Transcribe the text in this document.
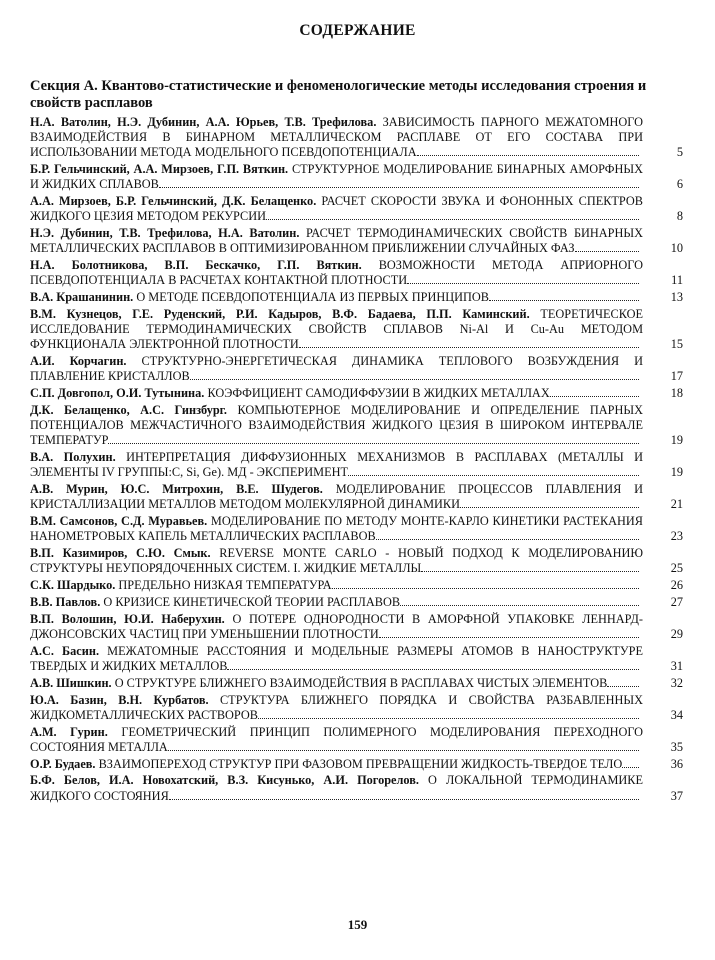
СОДЕРЖАНИЕ
Секция А. Квантово-статистические и феноменологические методы исследования строения и свойств расплавов
Н.А. Ватолин, Н.Э. Дубинин, А.А. Юрьев, Т.В. Трефилова. ЗАВИСИМОСТЬ ПАРНОГО МЕЖАТОМНОГО ВЗАИМОДЕЙСТВИЯ В БИНАРНОМ МЕТАЛЛИЧЕСКОМ РАСПЛАВЕ ОТ ЕГО СОСТАВА ПРИ ИСПОЛЬЗОВАНИИ МЕТОДА МОДЕЛЬНОГО ПСЕВДОПОТЕНЦИАЛА	5
Б.Р. Гельчинский, А.А. Мирзоев, Г.П. Вяткин. СТРУКТУРНОЕ МОДЕЛИРОВАНИЕ БИНАРНЫХ АМОРФНЫХ И ЖИДКИХ СПЛАВОВ	6
А.А. Мирзоев, Б.Р. Гельчинский, Д.К. Белащенко. РАСЧЕТ СКОРОСТИ ЗВУКА И ФОНОННЫХ СПЕКТРОВ ЖИДКОГО ЦЕЗИЯ МЕТОДОМ РЕКУРСИИ	8
Н.Э. Дубинин, Т.В. Трефилова, Н.А. Ватолин. РАСЧЕТ ТЕРМОДИНАМИЧЕСКИХ СВОЙСТВ БИНАРНЫХ МЕТАЛЛИЧЕСКИХ РАСПЛАВОВ В ОПТИМИЗИРОВАННОМ ПРИБЛИЖЕНИИ СЛУЧАЙНЫХ ФАЗ	10
Н.А. Болотникова, В.П. Бескачко, Г.П. Вяткин. ВОЗМОЖНОСТИ МЕТОДА АПРИОРНОГО ПСЕВДОПОТЕНЦИАЛА В РАСЧЕТАХ КОНТАКТНОЙ ПЛОТНОСТИ	11
В.А. Крашанинин. О МЕТОДЕ ПСЕВДОПОТЕНЦИАЛА ИЗ ПЕРВЫХ ПРИНЦИПОВ	13
В.М. Кузнецов, Г.Е. Руденский, Р.И. Кадыров, В.Ф. Бадаева, П.П. Каминский. ТЕОРЕТИЧЕСКОЕ ИССЛЕДОВАНИЕ ТЕРМОДИНАМИЧЕСКИХ СВОЙСТВ СПЛАВОВ Ni-Al И Cu-Au МЕТОДОМ ФУНКЦИОНАЛА ЭЛЕКТРОННОЙ ПЛОТНОСТИ	15
А.И. Корчагин. СТРУКТУРНО-ЭНЕРГЕТИЧЕСКАЯ ДИНАМИКА ТЕПЛОВОГО ВОЗБУЖДЕНИЯ И ПЛАВЛЕНИЕ КРИСТАЛЛОВ	17
С.П. Довгопол, О.И. Тутынина. КОЭФФИЦИЕНТ САМОДИФФУЗИИ В ЖИДКИХ МЕТАЛЛАХ	18
Д.К. Белащенко, А.С. Гинзбург. КОМПЬЮТЕРНОЕ МОДЕЛИРОВАНИЕ И ОПРЕДЕЛЕНИЕ ПАРНЫХ ПОТЕНЦИАЛОВ МЕЖЧАСТИЧНОГО ВЗАИМОДЕЙСТВИЯ ЖИДКОГО ЦЕЗИЯ В ШИРОКОМ ИНТЕРВАЛЕ ТЕМПЕРАТУР	19
В.А. Полухин. ИНТЕРПРЕТАЦИЯ ДИФФУЗИОННЫХ МЕХАНИЗМОВ В РАСПЛАВАХ (МЕТАЛЛЫ И ЭЛЕМЕНТЫ IV ГРУППЫ:C, Si, Ge). МД - ЭКСПЕРИМЕНТ	19
А.В. Мурин, Ю.С. Митрохин, В.Е. Шудегов. МОДЕЛИРОВАНИЕ ПРОЦЕССОВ ПЛАВЛЕНИЯ И КРИСТАЛЛИЗАЦИИ МЕТАЛЛОВ МЕТОДОМ МОЛЕКУЛЯРНОЙ ДИНАМИКИ	21
В.М. Самсонов, С.Д. Муравьев. МОДЕЛИРОВАНИЕ ПО МЕТОДУ МОНТЕ-КАРЛО КИНЕТИКИ РАСТЕКАНИЯ НАНОМЕТРОВЫХ КАПЕЛЬ МЕТАЛЛИЧЕСКИХ РАСПЛАВОВ	23
В.П. Казимиров, С.Ю. Смык. REVERSE MONTE CARLO - НОВЫЙ ПОДХОД К МОДЕЛИРОВАНИЮ СТРУКТУРЫ НЕУПОРЯДОЧЕННЫХ СИСТЕМ. I. ЖИДКИЕ МЕТАЛЛЫ	25
С.К. Шардыко. ПРЕДЕЛЬНО НИЗКАЯ ТЕМПЕРАТУРА	26
В.В. Павлов. О КРИЗИСЕ КИНЕТИЧЕСКОЙ ТЕОРИИ РАСПЛАВОВ	27
В.П. Волошин, Ю.И. Наберухин. О ПОТЕРЕ ОДНОРОДНОСТИ В АМОРФНОЙ УПАКОВКЕ ЛЕННАРД-ДЖОНСОВСКИХ ЧАСТИЦ ПРИ УМЕНЬШЕНИИ ПЛОТНОСТИ	29
А.С. Басин. МЕЖАТОМНЫЕ РАССТОЯНИЯ И МОДЕЛЬНЫЕ РАЗМЕРЫ АТОМОВ В НАНОСТРУКТУРЕ ТВЕРДЫХ И ЖИДКИХ МЕТАЛЛОВ	31
А.В. Шишкин. О СТРУКТУРЕ БЛИЖНЕГО ВЗАИМОДЕЙСТВИЯ В РАСПЛАВАХ ЧИСТЫХ ЭЛЕМЕНТОВ	32
Ю.А. Базин, В.Н. Курбатов. СТРУКТУРА БЛИЖНЕГО ПОРЯДКА И СВОЙСТВА РАЗБАВЛЕННЫХ ЖИДКОМЕТАЛЛИЧЕСКИХ РАСТВОРОВ	34
А.М. Гурин. ГЕОМЕТРИЧЕСКИЙ ПРИНЦИП ПОЛИМЕРНОГО МОДЕЛИРОВАНИЯ ПЕРЕХОДНОГО СОСТОЯНИЯ МЕТАЛЛА	35
О.Р. Будаев. ВЗАИМОПЕРЕХОД СТРУКТУР ПРИ ФАЗОВОМ ПРЕВРАЩЕНИИ ЖИДКОСТЬ-ТВЕРДОЕ ТЕЛО	36
Б.Ф. Белов, И.А. Новохатский, В.З. Кисунько, А.И. Погорелов. О ЛОКАЛЬНОЙ ТЕРМОДИНАМИКЕ ЖИДКОГО СОСТОЯНИЯ	37
159
